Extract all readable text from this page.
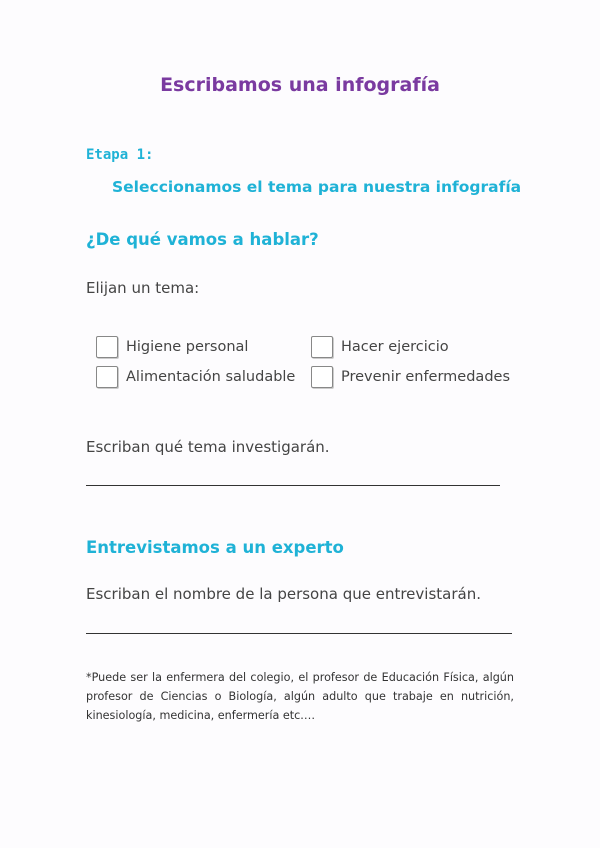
Escribamos una infografía
Etapa 1:
Seleccionamos el tema para nuestra infografía
¿De qué vamos a hablar?
Elijan un tema:
Higiene personal
Alimentación saludable
Hacer ejercicio
Prevenir enfermedades
Escriban qué tema investigarán.
Entrevistamos a un experto
Escriban el nombre de la persona que entrevistarán.
*Puede ser la enfermera del colegio, el profesor de Educación Física, algún profesor de Ciencias o Biología, algún adulto que trabaje en nutrición, kinesiología, medicina, enfermería etc.…
